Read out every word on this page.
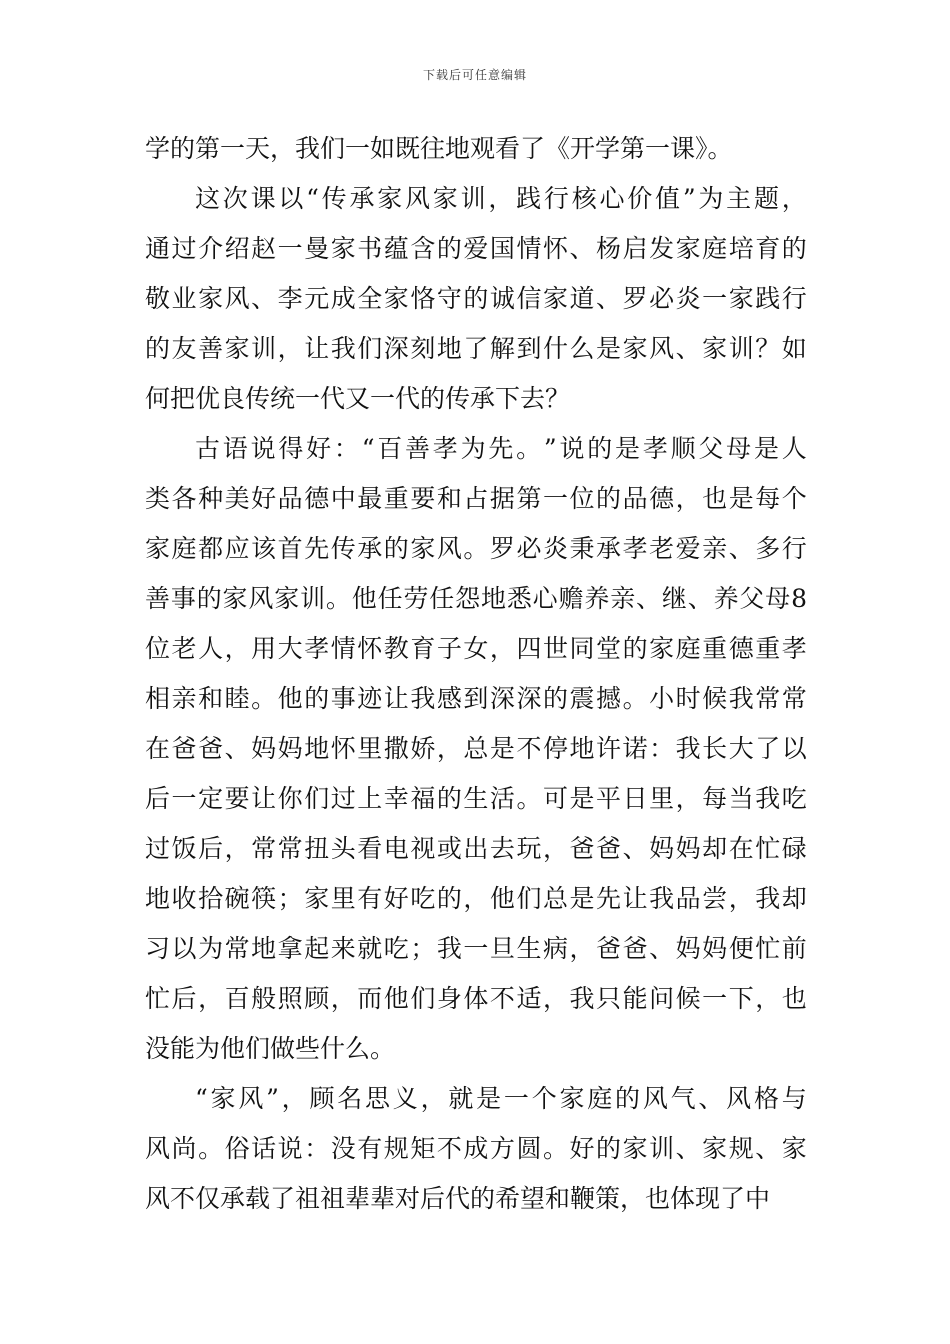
下载后可任意编辑
学的第一天，我们一如既往地观看了《开学第一课》。
这 次 课 以 “ 传 承 家 风 家 训 ， 践 行 核 心 价 值 ” 为 主 题 ，
通 过 介 绍 赵 一 曼 家 书 蕴 含 的 爱 国 情 怀 、 杨 启 发 家 庭 培 育 的
敬 业 家 风 、 李 元 成 全 家 恪 守 的 诚 信 家 道 、 罗 必 炎 一 家 践 行
的 友 善 家 训 ， 让 我 们 深 刻 地 了 解 到 什 么 是 家 风 、 家 训 ？ 如
何把优良传统一代又一代的传承下去？
古 语 说 得 好 ： “ 百 善 孝 为 先 。 ” 说 的 是 孝 顺 父 母 是 人
类 各 种 美 好 品 德 中 最 重 要 和 占 据 第 一 位 的 品 德 ， 也 是 每 个
家 庭 都 应 该 首 先 传 承 的 家 风 。 罗 必 炎 秉 承 孝 老 爱 亲 、 多 行
善 事 的 家 风 家 训 。 他 任 劳 任 怨 地 悉 心 赡 养 亲 、 继 、 养 父 母 8
位 老 人 ， 用 大 孝 情 怀 教 育 子 女 ， 四 世 同 堂 的 家 庭 重 德 重 孝
相 亲 和 睦 。 他 的 事 迹 让 我 感 到 深 深 的 震 撼 。 小 时 候 我 常 常
在 爸 爸 、 妈 妈 地 怀 里 撒 娇 ， 总 是 不 停 地 许 诺 ： 我 长 大 了 以
后 一 定 要 让 你 们 过 上 幸 福 的 生 活 。 可 是 平 日 里 ， 每 当 我 吃
过 饭 后 ， 常 常 扭 头 看 电 视 或 出 去 玩 ， 爸 爸 、 妈 妈 却 在 忙 碌
地 收 拾 碗 筷 ； 家 里 有 好 吃 的 ， 他 们 总 是 先 让 我 品 尝 ， 我 却
习 以 为 常 地 拿 起 来 就 吃 ； 我 一 旦 生 病 ， 爸 爸 、 妈 妈 便 忙 前
忙 后 ， 百 般 照 顾 ， 而 他 们 身 体 不 适 ， 我 只 能 问 候 一 下 ， 也
没能为他们做些什么。
“ 家 风 ” ， 顾 名 思 义 ， 就 是 一 个 家 庭 的 风 气 、 风 格 与
风 尚 。 俗 话 说 ： 没 有 规 矩 不 成 方 圆 。 好 的 家 训 、 家 规 、 家
风不仅承载了祖祖辈辈对后代的希望和鞭策，也体现了中
